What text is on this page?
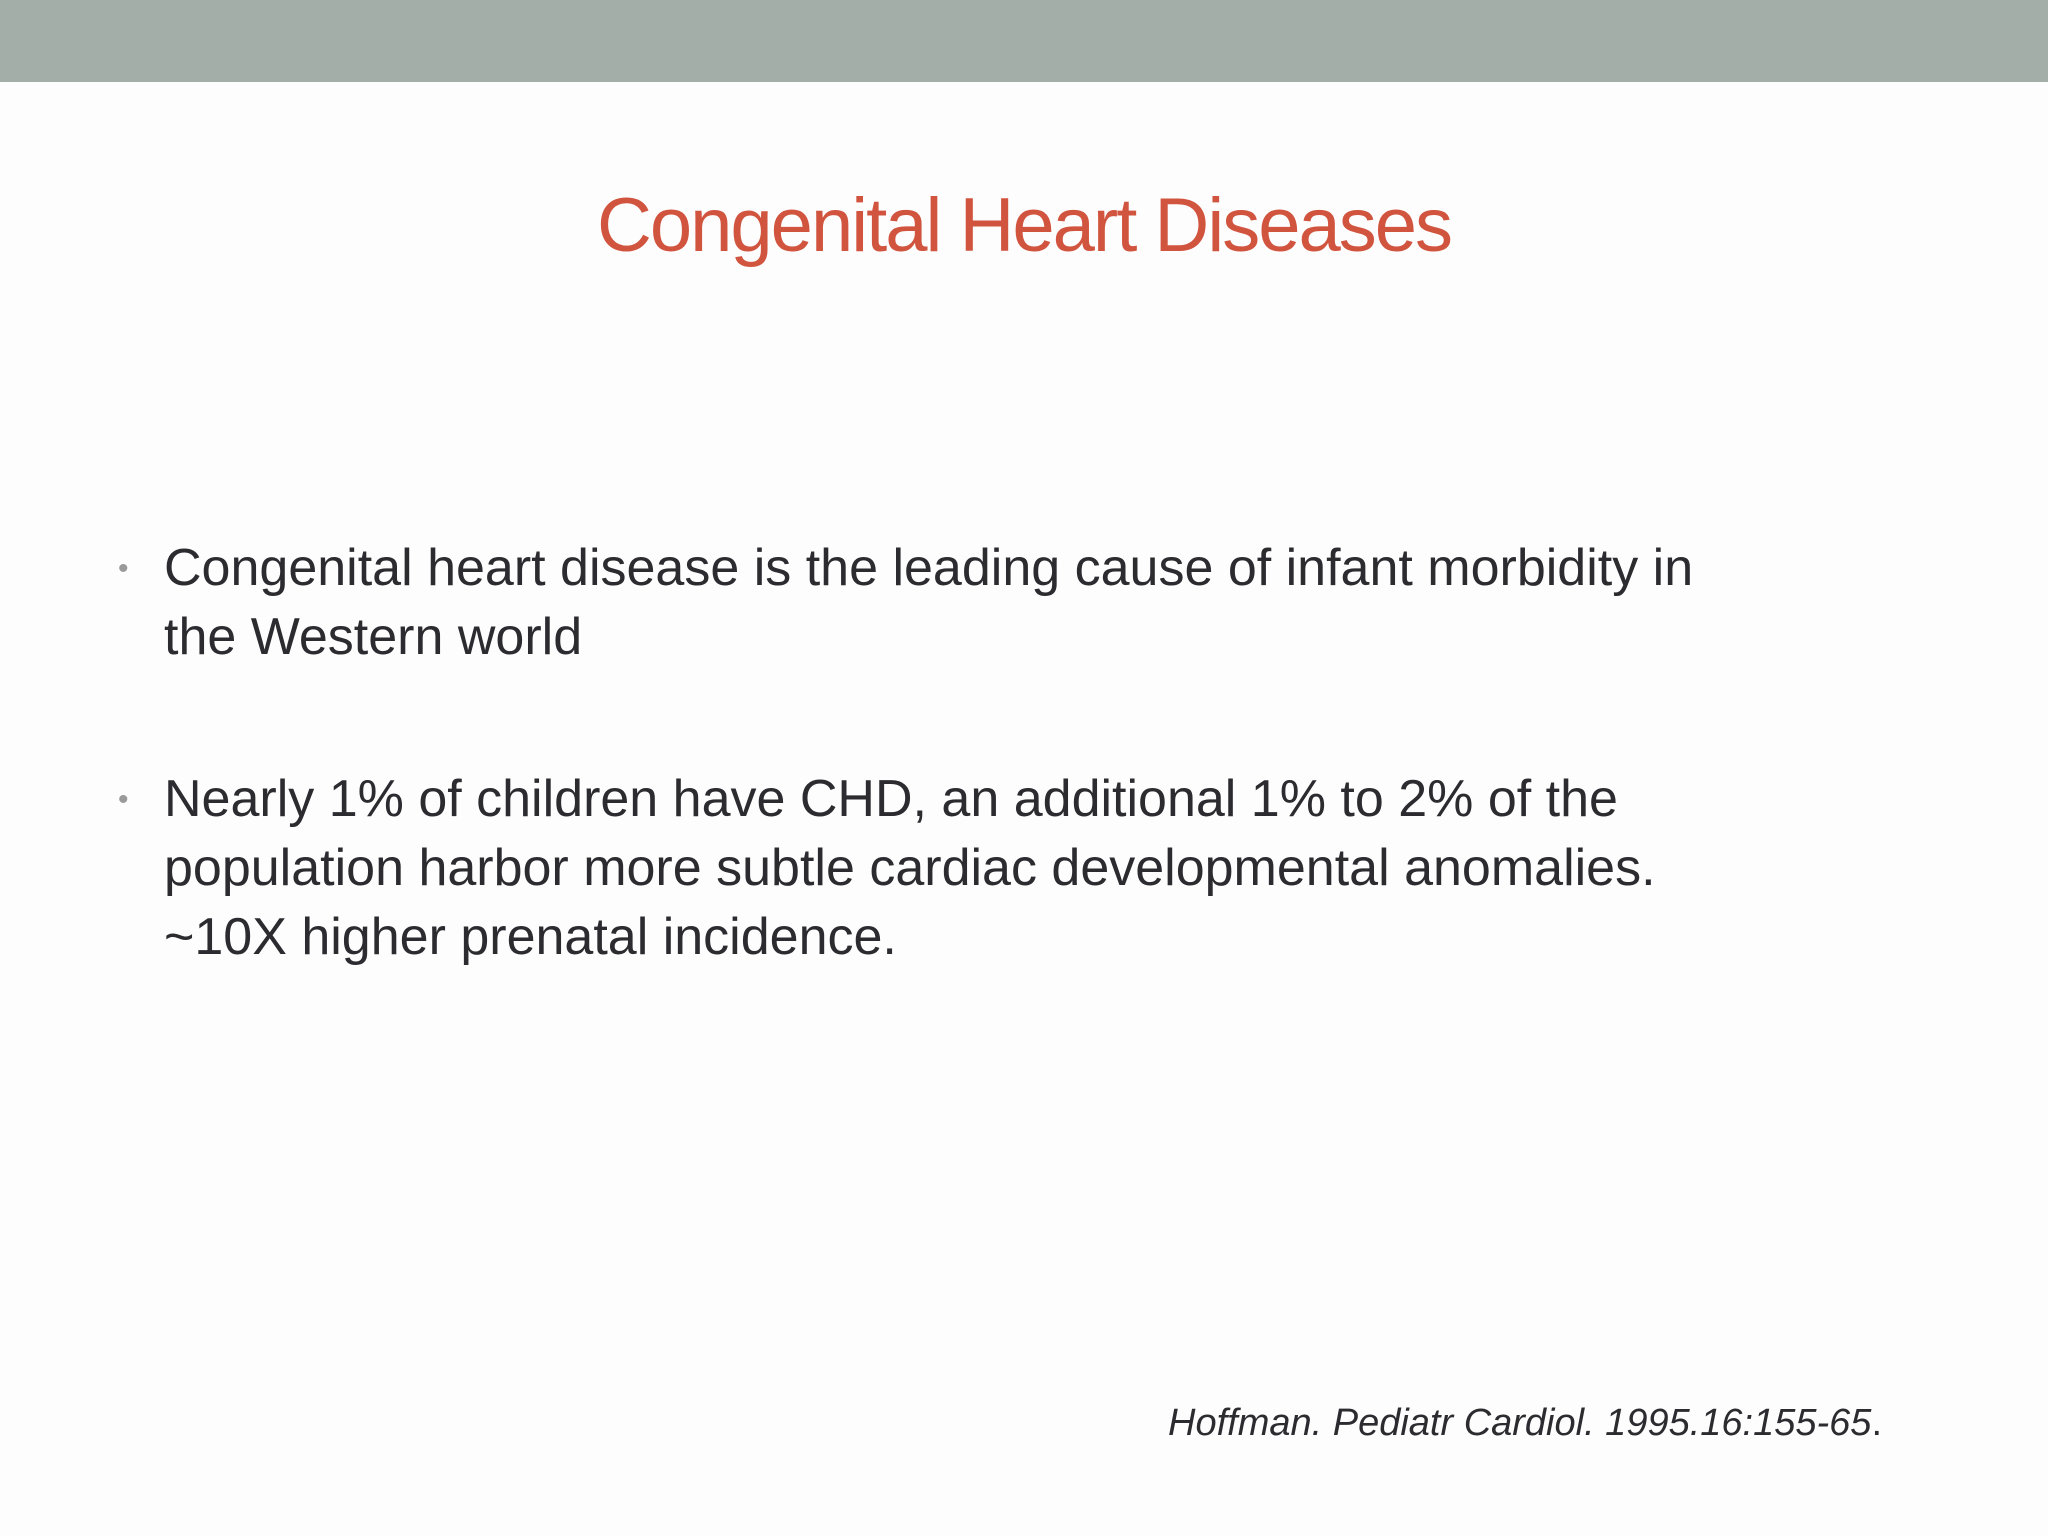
Congenital Heart Diseases
• Congenital heart disease is the leading cause of infant morbidity in
the Western world
• Nearly 1% of children have CHD, an additional 1% to 2% of the
population harbor more subtle cardiac developmental anomalies.
~10X higher prenatal incidence.
Hoffman. Pediatr Cardiol. 1995.16:155-65.
